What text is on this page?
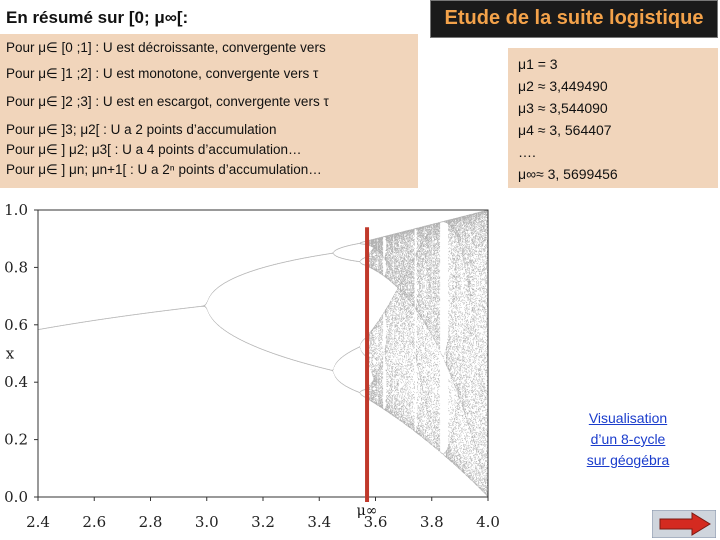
En résumé sur [0; μ∞[:	Etude de la suite logistique
Pour μ∈ [0 ;1] : U est décroissante, convergente vers
Pour μ∈ ]1 ;2] : U est monotone, convergente vers τ
Pour μ∈ ]2 ;3] : U est en escargot, convergente vers τ
Pour μ∈ ]3; μ2[ : U a 2 points d’accumulation
Pour μ∈ ] μ2; μ3[ : U a 4 points d’accumulation…
Pour μ∈ ] μn; μn+1[ : U a 2ⁿ points d’accumulation…
μ1 = 3
μ2 ≈ 3,449490
μ3 ≈ 3,544090
μ4 ≈ 3, 564407
….
μ∞≈ 3, 5699456
2.4 2.6 2.8 3.0 3.2 3.4 3.6 3.8 4.0
0.0
0.2
0.4
0.6
0.8
1.0
x
μ∞
Visualisation
d’un 8-cycle
sur géogébra
